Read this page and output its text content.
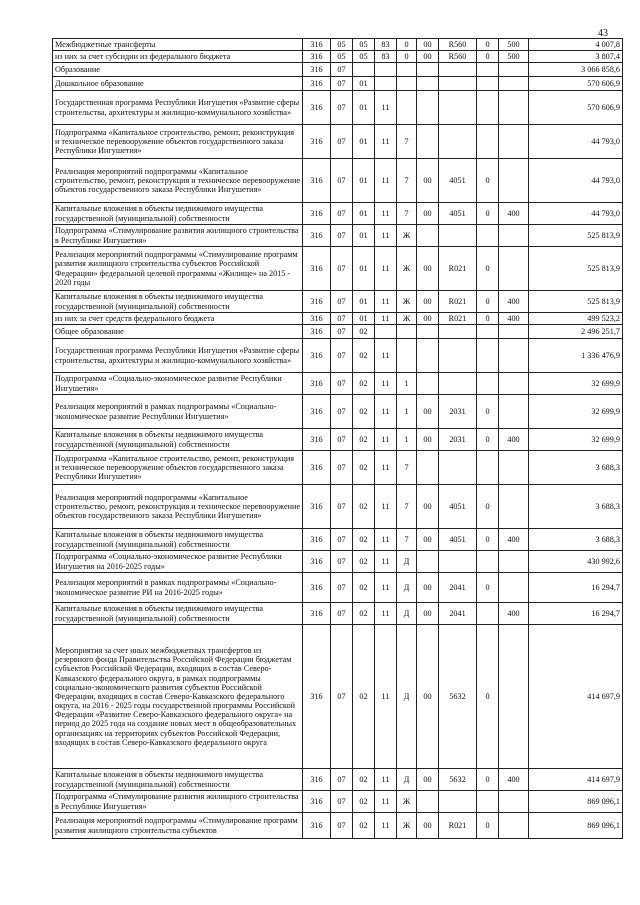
43
Межбюджетные трансферты	316	05	05	83	0	00	R560	0	500	4 007,8
из них за счет субсидии из федерального бюджета	316	05	05	83	0	00	R560	0	500	3 807,4
Образование	316	07								3 066 858,6
Дошкольное образование	316	07	01							570 606,9
Государственная программа Республики Ингушетия «Развитие сферы строительства, архитектуры и жилищно-коммунального хозяйства»	316	07	01	11						570 606,9
Подпрограмма «Капитальное строительство, ремонт, реконструкция и техническое перевооружение объектов государственного заказа Республики Ингушетия»	316	07	01	11	7					44 793,0
Реализация мероприятий подпрограммы «Капитальное строительство, ремонт, реконструкция и техническое перевооружение объектов государственного заказа Республики Ингушетия»	316	07	01	11	7	00	4051	0		44 793,0
Капитальные вложения в объекты недвижимого имущества государственной (муниципальной) собственности	316	07	01	11	7	00	4051	0	400	44 793,0
Подпрограмма «Стимулирование развития жилищного строительства в Республике Ингушетия»	316	07	01	11	Ж					525 813,9
Реализация мероприятий подпрограммы «Стимулирование программ развития жилищного строительства субъектов Российской Федерации» федеральной целевой программы «Жилище» на 2015 - 2020 годы	316	07	01	11	Ж	00	R021	0		525 813,9
Капитальные вложения в объекты недвижимого имущества государственной (муниципальной) собственности	316	07	01	11	Ж	00	R021	0	400	525 813,9
из них за счет средств федерального бюджета	316	07	01	11	Ж	00	R021	0	400	499 523,2
Общее образование	316	07	02							2 496 251,7
Государственная программа Республики Ингушетия «Развитие сферы строительства, архитектуры и жилищно-коммунального хозяйства»	316	07	02	11						1 336 476,9
Подпрограмма «Социально-экономическое развитие Республики Ингушетия»	316	07	02	11	1					32 699,9
Реализация мероприятий в рамках подпрограммы «Социально-экономическое развитие Республики Ингушетия»	316	07	02	11	1	00	2031	0		32 699,9
Капитальные вложения в объекты недвижимого имущества государственной (муниципальной) собственности	316	07	02	11	1	00	2031	0	400	32 699,9
Подпрограмма «Капитальное строительство, ремонт, реконструкция и техническое перевооружение объектов государственного заказа Республики Ингушетия»	316	07	02	11	7					3 688,3
Реализация мероприятий подпрограммы «Капитальное строительство, ремонт, реконструкция и техническое перевооружение объектов государственного заказа Республики Ингушетия»	316	07	02	11	7	00	4051	0		3 688,3
Капитальные вложения в объекты недвижимого имущества государственной (муниципальной) собственности	316	07	02	11	7	00	4051	0	400	3 688,3
Подпрограмма «Социально-экономическое развитие Республики Ингушетия на 2016-2025 годы»	316	07	02	11	Д					430 992,6
Реализация мероприятий в рамках подпрограммы «Социально-экономическое развитие РИ на 2016-2025 годы»	316	07	02	11	Д	00	2041	0		16 294,7
Капитальные вложения в объекты недвижимого имущества государственной (муниципальной) собственности	316	07	02	11	Д	00	2041		400	16 294,7
Мероприятия за счет иных межбюджетных трансфертов из резервного фонда Правительства Российской Федерации бюджетам субъектов Российской Федерации, входящих в состав Северо-Кавказского федерального округа, в рамках подпрограммы социально-экономического развития субъектов Российской Федерации, входящих в состав Северо-Кавказского федерального округа, на 2016 - 2025 годы государственной программы Российской Федерации «Развитие Северо-Кавказского федерального округа» на период до 2025 года на создание новых мест в общеобразовательных организациях на территориях субъектов Российской Федерации, входящих в состав Северо-Кавказского федерального округа	316	07	02	11	Д	00	5632	0		414 697,9
Капитальные вложения в объекты недвижимого имущества государственной (муниципальной) собственности	316	07	02	11	Д	00	5632	0	400	414 697,9
Подпрограмма «Стимулирование развития жилищного строительства в Республике Ингушетия»	316	07	02	11	Ж					869 096,1
Реализация мероприятий подпрограммы «Стимулирование программ развития жилищного строительства субъектов	316	07	02	11	Ж	00	R021	0		869 096,1
